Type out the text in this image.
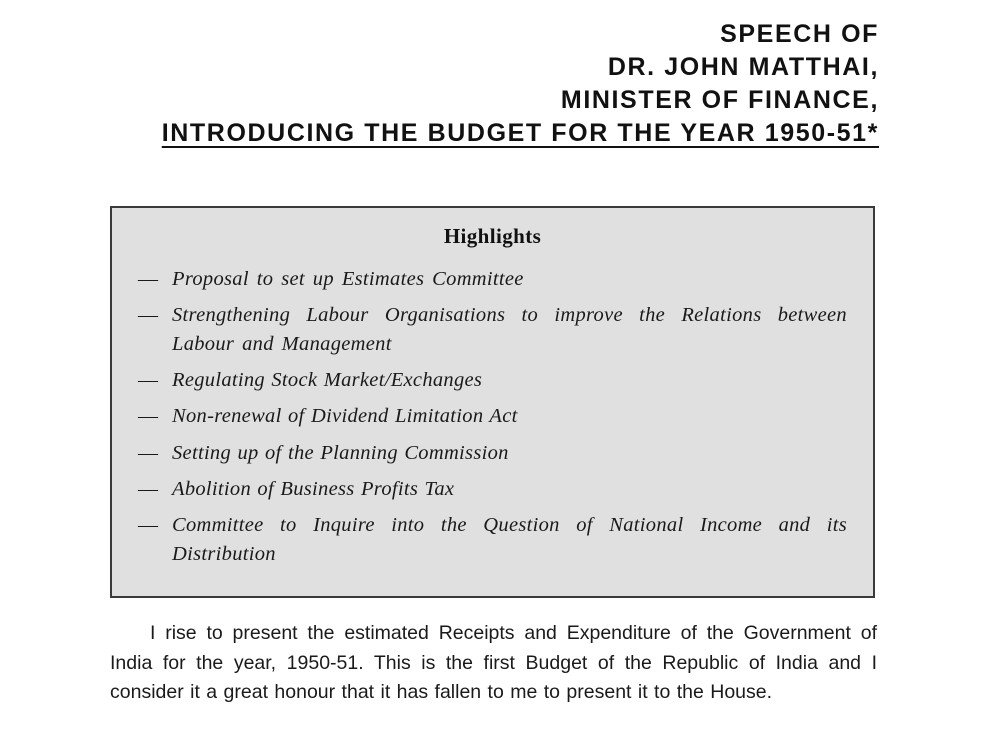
SPEECH OF
DR. JOHN MATTHAI,
MINISTER OF FINANCE,
INTRODUCING THE BUDGET FOR THE YEAR 1950-51*
Highlights
— Proposal to set up Estimates Committee
— Strengthening Labour Organisations to improve the Relations between Labour and Management
— Regulating Stock Market/Exchanges
— Non-renewal of Dividend Limitation Act
— Setting up of the Planning Commission
— Abolition of Business Profits Tax
— Committee to Inquire into the Question of National Income and its Distribution

I rise to present the estimated Receipts and Expenditure of the Government of India for the year, 1950-51. This is the first Budget of the Republic of India and I consider it a great honour that it has fallen to me to present it to the House.
